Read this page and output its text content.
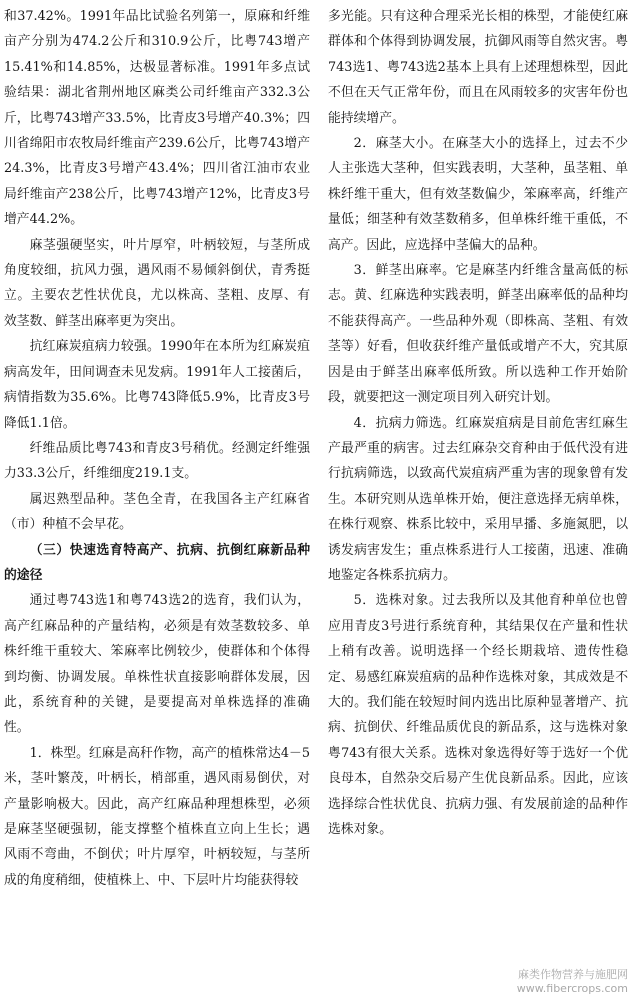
和37.42%。1991年品比试验名列第一，原麻和纤维亩产分别为474.2公斤和310.9公斤，比粤743增产15.41%和14.85%，达极显著标准。1991年多点试验结果：湖北省荆州地区麻类公司纤维亩产332.3公斤，比粤743增产33.5%，比青皮3号增产40.3%；四川省绵阳市农牧局纤维亩产239.6公斤，比粤743增产24.3%，比青皮3号增产43.4%；四川省江油市农业局纤维亩产238公斤，比粤743增产12%，比青皮3号增产44.2%。

麻茎强硬坚实，叶片厚窄，叶柄较短，与茎所成角度较细，抗风力强，遇风雨不易倾斜倒伏，青秀挺立。主要农艺性状优良，尤以株高、茎粗、皮厚、有效茎数、鲜茎出麻率更为突出。

抗红麻炭疽病力较强。1990年在本所为红麻炭疽病高发年，田间调查未见发病。1991年人工接菌后，病情指数为35.6%。比粤743降低5.9%，比青皮3号降低1.1倍。

纤维品质比粤743和青皮3号稍优。经测定纤维强力33.3公斤，纤维细度219.1支。

属迟熟型品种。茎色全青，在我国各主产红麻省（市）种植不会早花。

（三）快速选育特高产、抗病、抗倒红麻新品种的途径

通过粤743选1和粤743选2的选育，我们认为，高产红麻品种的产量结构，必须是有效茎数较多、单株纤维干重较大、笨麻率比例较少，使群体和个体得到均衡、协调发展。单株性状直接影响群体发展，因此，系统育种的关键，是要提高对单株选择的准确性。

1．株型。红麻是高秆作物，高产的植株常达4－5米，茎叶繁茂，叶柄长，梢部重，遇风雨易倒伏，对产量影响极大。因此，高产红麻品种理想株型，必须是麻茎坚硬强韧，能支撑整个植株直立向上生长；遇风雨不弯曲，不倒伏；叶片厚窄，叶柄较短，与茎所成的角度稍细，使植株上、中、下层叶片均能获得较

多光能。只有这种合理采光长相的株型，才能使红麻群体和个体得到协调发展，抗御风雨等自然灾害。粤743选1、粤743选2基本上具有上述理想株型，因此不但在天气正常年份，而且在风雨较多的灾害年份也能持续增产。

2．麻茎大小。在麻茎大小的选择上，过去不少人主张选大茎种，但实践表明，大茎种，虽茎粗、单株纤维干重大，但有效茎数偏少，笨麻率高，纤维产量低；细茎种有效茎数稍多，但单株纤维干重低，不高产。因此，应选择中茎偏大的品种。

3．鲜茎出麻率。它是麻茎内纤维含量高低的标志。黄、红麻选种实践表明，鲜茎出麻率低的品种均不能获得高产。一些品种外观（即株高、茎粗、有效茎等）好看，但收获纤维产量低或增产不大，究其原因是由于鲜茎出麻率低所致。所以选种工作开始阶段，就要把这一测定项目列入研究计划。

4．抗病力筛选。红麻炭疽病是目前危害红麻生产最严重的病害。过去红麻杂交育种由于低代没有进行抗病筛选，以致高代炭疽病严重为害的现象曾有发生。本研究则从选单株开始，便注意选择无病单株，在株行观察、株系比较中，采用早播、多施氮肥，以诱发病害发生；重点株系进行人工接菌，迅速、准确地鉴定各株系抗病力。

5．选株对象。过去我所以及其他育种单位也曾应用青皮3号进行系统育种，其结果仅在产量和性状上稍有改善。说明选择一个经长期栽培、遗传性稳定、易感红麻炭疽病的品种作选株对象，其成效是不大的。我们能在较短时间内选出比原种显著增产、抗病、抗倒伏、纤维品质优良的新品系，这与选株对象粤743有很大关系。选株对象选得好等于选好一个优良母本，自然杂交后易产生优良新品系。因此，应该选择综合性状优良、抗病力强、有发展前途的品种作选株对象。

麻类作物营养与施肥网
www.fibercrops.com
